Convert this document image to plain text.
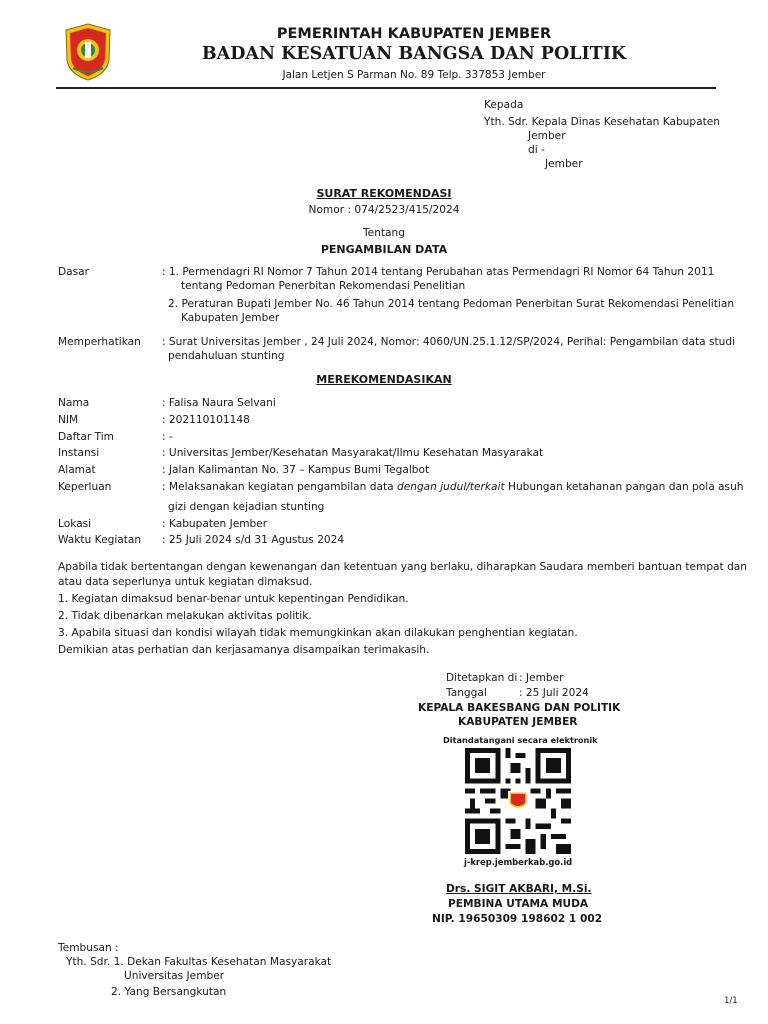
PEMERINTAH KABUPATEN JEMBER
BADAN KESATUAN BANGSA DAN POLITIK
Jalan Letjen S Parman No. 89 Telp. 337853 Jember
Kepada
Yth. Sdr. Kepala Dinas Kesehatan Kabupaten
Jember
di -
Jember
SURAT REKOMENDASI
Nomor : 074/2523/415/2024
Tentang
PENGAMBILAN DATA
Dasar	: 1. Permendagri RI Nomor 7 Tahun 2014 tentang Perubahan atas Permendagri RI Nomor 64 Tahun 2011
tentang Pedoman Penerbitan Rekomendasi Penelitian
2. Peraturan Bupati Jember No. 46 Tahun 2014 tentang Pedoman Penerbitan Surat Rekomendasi Penelitian
Kabupaten Jember
Memperhatikan : Surat Universitas Jember , 24 Juli 2024, Nomor: 4060/UN.25.1.12/SP/2024, Perihal: Pengambilan data studi
pendahuluan stunting
MEREKOMENDASIKAN
Nama	: Falisa Naura Selvani
NIM	: 202110101148
Daftar Tim	: -
Instansi	: Universitas Jember/Kesehatan Masyarakat/Ilmu Kesehatan Masyarakat
Alamat	: Jalan Kalimantan No. 37 – Kampus Bumi Tegalbot
Keperluan	: Melaksanakan kegiatan pengambilan data dengan judul/terkait Hubungan ketahanan pangan dan pola asuh
gizi dengan kejadian stunting
Lokasi	: Kabupaten Jember
Waktu Kegiatan : 25 Juli 2024 s/d 31 Agustus 2024
Apabila tidak bertentangan dengan kewenangan dan ketentuan yang berlaku, diharapkan Saudara memberi bantuan tempat dan
atau data seperlunya untuk kegiatan dimaksud.
1. Kegiatan dimaksud benar-benar untuk kepentingan Pendidikan.
2. Tidak dibenarkan melakukan aktivitas politik.
3. Apabila situasi dan kondisi wilayah tidak memungkinkan akan dilakukan penghentian kegiatan.
Demikian atas perhatian dan kerjasamanya disampaikan terimakasih.
Ditetapkan di : Jember
Tanggal	: 25 Juli 2024
KEPALA BAKESBANG DAN POLITIK
KABUPATEN JEMBER
Ditandatangani secara elektronik
j-krep.jemberkab.go.id
Drs. SIGIT AKBARI, M.Si.
PEMBINA UTAMA MUDA
NIP. 19650309 198602 1 002
Tembusan :
Yth. Sdr. 1. Dekan Fakultas Kesehatan Masyarakat
Universitas Jember
2. Yang Bersangkutan
1/1
